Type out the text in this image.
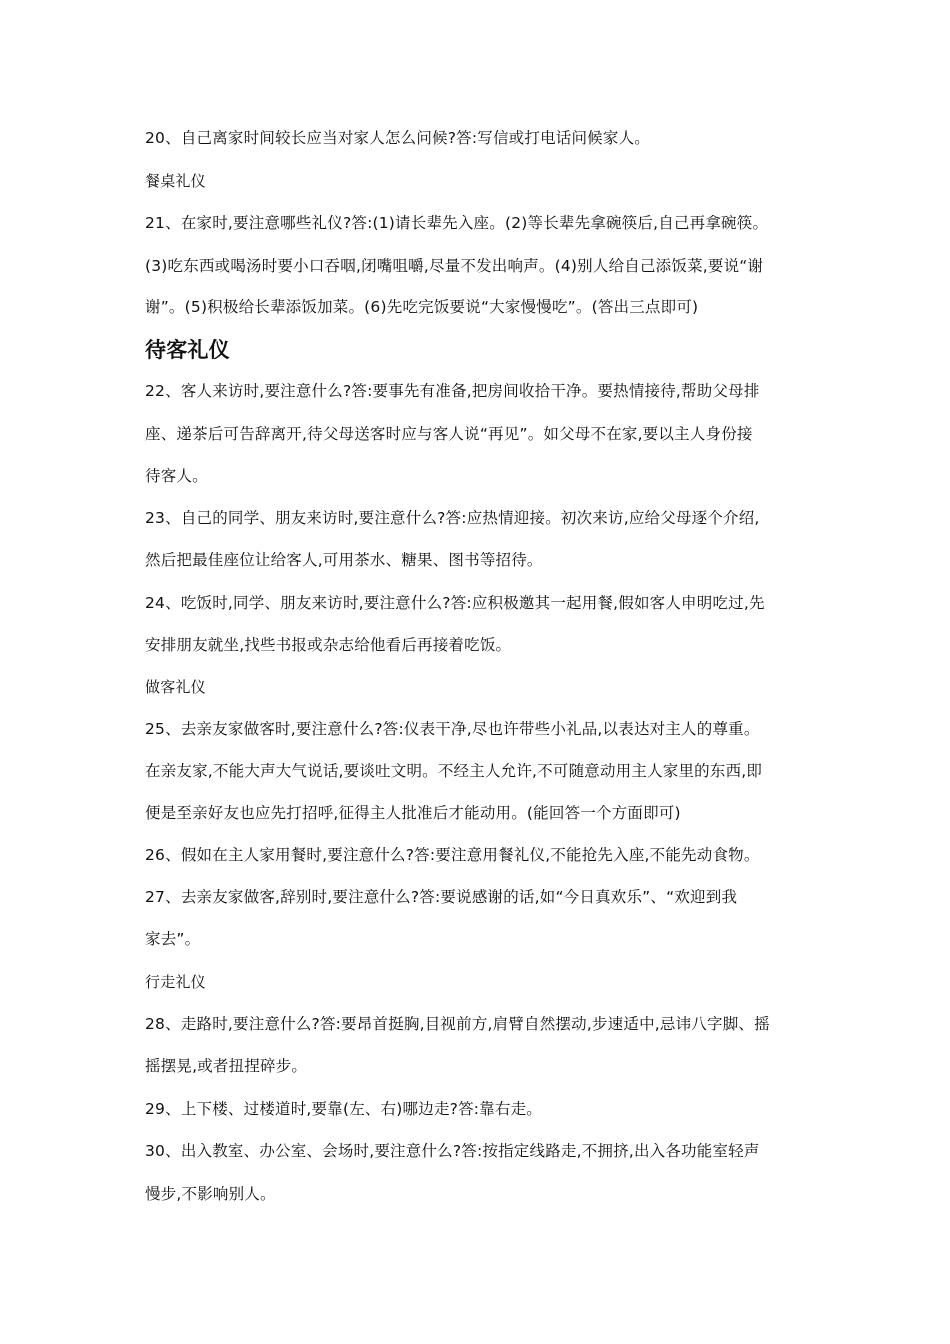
20、自己离家时间较长应当对家人怎么问候?答:写信或打电话问候家人。
餐桌礼仪
21、在家时,要注意哪些礼仪?答:(1)请长辈先入座。(2)等长辈先拿碗筷后,自己再拿碗筷。
(3)吃东西或喝汤时要小口吞咽,闭嘴咀嚼,尽量不发出响声。(4)别人给自己添饭菜,要说“谢
谢”。(5)积极给长辈添饭加菜。(6)先吃完饭要说“大家慢慢吃”。(答出三点即可)
待客礼仪
22、客人来访时,要注意什么?答:要事先有准备,把房间收拾干净。要热情接待,帮助父母排
座、递茶后可告辞离开,待父母送客时应与客人说“再见”。如父母不在家,要以主人身份接
待客人。
23、自己的同学、朋友来访时,要注意什么?答:应热情迎接。初次来访,应给父母逐个介绍,
然后把最佳座位让给客人,可用茶水、糖果、图书等招待。
24、吃饭时,同学、朋友来访时,要注意什么?答:应积极邀其一起用餐,假如客人申明吃过,先
安排朋友就坐,找些书报或杂志给他看后再接着吃饭。
做客礼仪
25、去亲友家做客时,要注意什么?答:仪表干净,尽也许带些小礼品,以表达对主人的尊重。
在亲友家,不能大声大气说话,要谈吐文明。不经主人允许,不可随意动用主人家里的东西,即
便是至亲好友也应先打招呼,征得主人批准后才能动用。(能回答一个方面即可)
26、假如在主人家用餐时,要注意什么?答:要注意用餐礼仪,不能抢先入座,不能先动食物。
27、去亲友家做客,辞别时,要注意什么?答:要说感谢的话,如“今日真欢乐”、“欢迎到我
家去”。
行走礼仪
28、走路时,要注意什么?答:要昂首挺胸,目视前方,肩臂自然摆动,步速适中,忌讳八字脚、摇
摇摆晃,或者扭捏碎步。
29、上下楼、过楼道时,要靠(左、右)哪边走?答:靠右走。
30、出入教室、办公室、会场时,要注意什么?答:按指定线路走,不拥挤,出入各功能室轻声
慢步,不影响别人。
